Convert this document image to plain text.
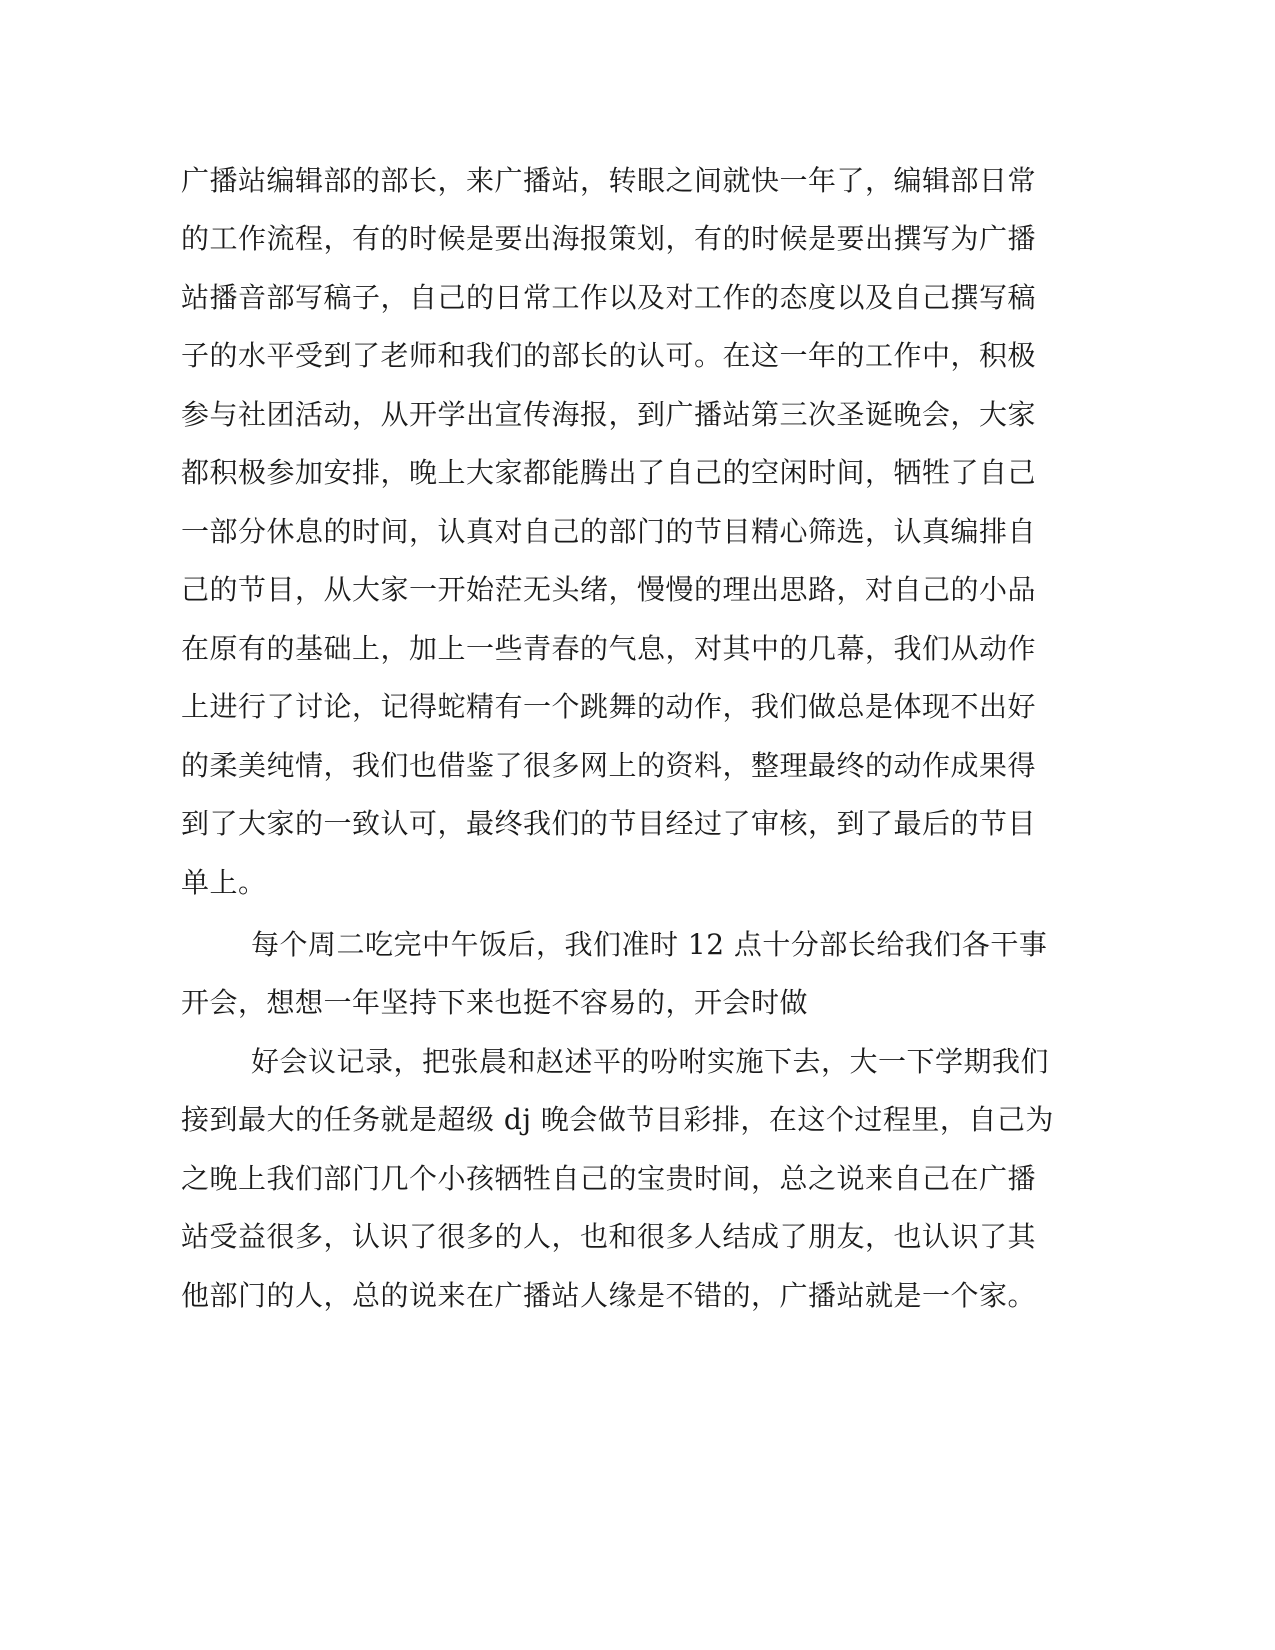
广播站编辑部的部长，来广播站，转眼之间就快一年了，编辑部日常
的工作流程，有的时候是要出海报策划，有的时候是要出撰写为广播
站播音部写稿子，自己的日常工作以及对工作的态度以及自己撰写稿
子的水平受到了老师和我们的部长的认可。在这一年的工作中，积极
参与社团活动，从开学出宣传海报，到广播站第三次圣诞晚会，大家
都积极参加安排，晚上大家都能腾出了自己的空闲时间，牺牲了自己
一部分休息的时间，认真对自己的部门的节目精心筛选，认真编排自
己的节目，从大家一开始茫无头绪，慢慢的理出思路，对自己的小品
在原有的基础上，加上一些青春的气息，对其中的几幕，我们从动作
上进行了讨论，记得蛇精有一个跳舞的动作，我们做总是体现不出好
的柔美纯情，我们也借鉴了很多网上的资料，整理最终的动作成果得
到了大家的一致认可，最终我们的节目经过了审核，到了最后的节目
单上。
每个周二吃完中午饭后，我们准时 12 点十分部长给我们各干事
开会，想想一年坚持下来也挺不容易的，开会时做
好会议记录，把张晨和赵述平的吩咐实施下去，大一下学期我们
接到最大的任务就是超级 dj 晚会做节目彩排，在这个过程里，自己为
之晚上我们部门几个小孩牺牲自己的宝贵时间，总之说来自己在广播
站受益很多，认识了很多的人，也和很多人结成了朋友，也认识了其
他部门的人，总的说来在广播站人缘是不错的，广播站就是一个家。
